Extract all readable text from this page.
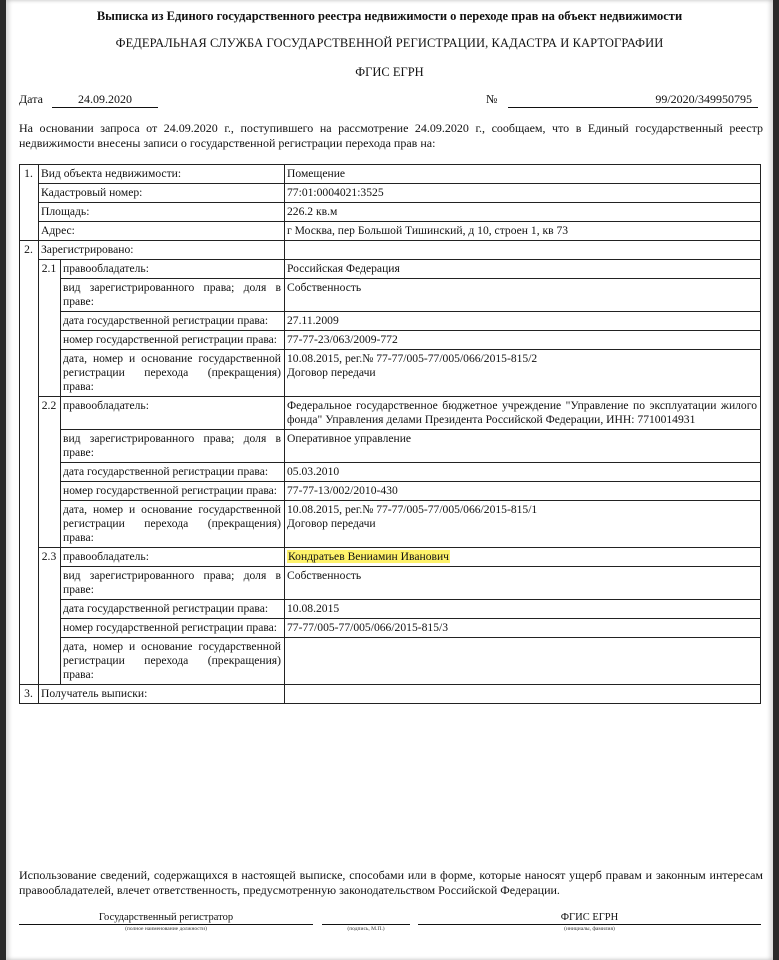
Выписка из Единого государственного реестра недвижимости о переходе прав на объект недвижимости
ФЕДЕРАЛЬНАЯ СЛУЖБА ГОСУДАРСТВЕННОЙ РЕГИСТРАЦИИ, КАДАСТРА И КАРТОГРАФИИ
ФГИС ЕГРН
Дата	24.09.2020	№	99/2020/349950795
На основании запроса от 24.09.2020 г., поступившего на рассмотрение 24.09.2020 г., сообщаем, что в Единый государственный реестр недвижимости внесены записи о государственной регистрации перехода прав на:
1.	Вид объекта недвижимости:		Помещение
	Кадастровый номер:		77:01:0004021:3525
	Площадь:		226.2 кв.м
	Адрес:		г Москва, пер Большой Тишинский, д 10, строен 1, кв 73
2.	Зарегистрировано:		
	2.1	правообладатель:	Российская Федерация
		вид зарегистрированного права; доля в праве:	Собственность
		дата государственной регистрации права:	27.11.2009
		номер государственной регистрации права:	77-77-23/063/2009-772
		дата, номер и основание государственной регистрации перехода (прекращения) права:	10.08.2015, рег.№ 77-77/005-77/005/066/2015-815/2
Договор передачи

	2.2	правообладатель:	Федеральное государственное бюджетное учреждение "Управление по эксплуатации жилого фонда" Управления делами Президента Российской Федерации, ИНН: 7710014931
		вид зарегистрированного права; доля в праве:	Оперативное управление
		дата государственной регистрации права:	05.03.2010
		номер государственной регистрации права:	77-77-13/002/2010-430
		дата, номер и основание государственной регистрации перехода (прекращения) права:	10.08.2015, рег.№ 77-77/005-77/005/066/2015-815/1
Договор передачи

	2.3	правообладатель:	Кондратьев Вениамин Иванович
		вид зарегистрированного права; доля в праве:	Собственность
		дата государственной регистрации права:	10.08.2015
		номер государственной регистрации права:	77-77/005-77/005/066/2015-815/3
		дата, номер и основание государственной регистрации перехода (прекращения) права:	

3.	Получатель выписки:		
Использование сведений, содержащихся в настоящей выписке, способами или в форме, которые наносят ущерб правам и законным интересам правообладателей, влечет ответственность, предусмотренную законодательством Российской Федерации.
Государственный регистратор
(полное наименование должности)	(подпись, М.П.)
ФГИС ЕГРН
(инициалы, фамилия)
